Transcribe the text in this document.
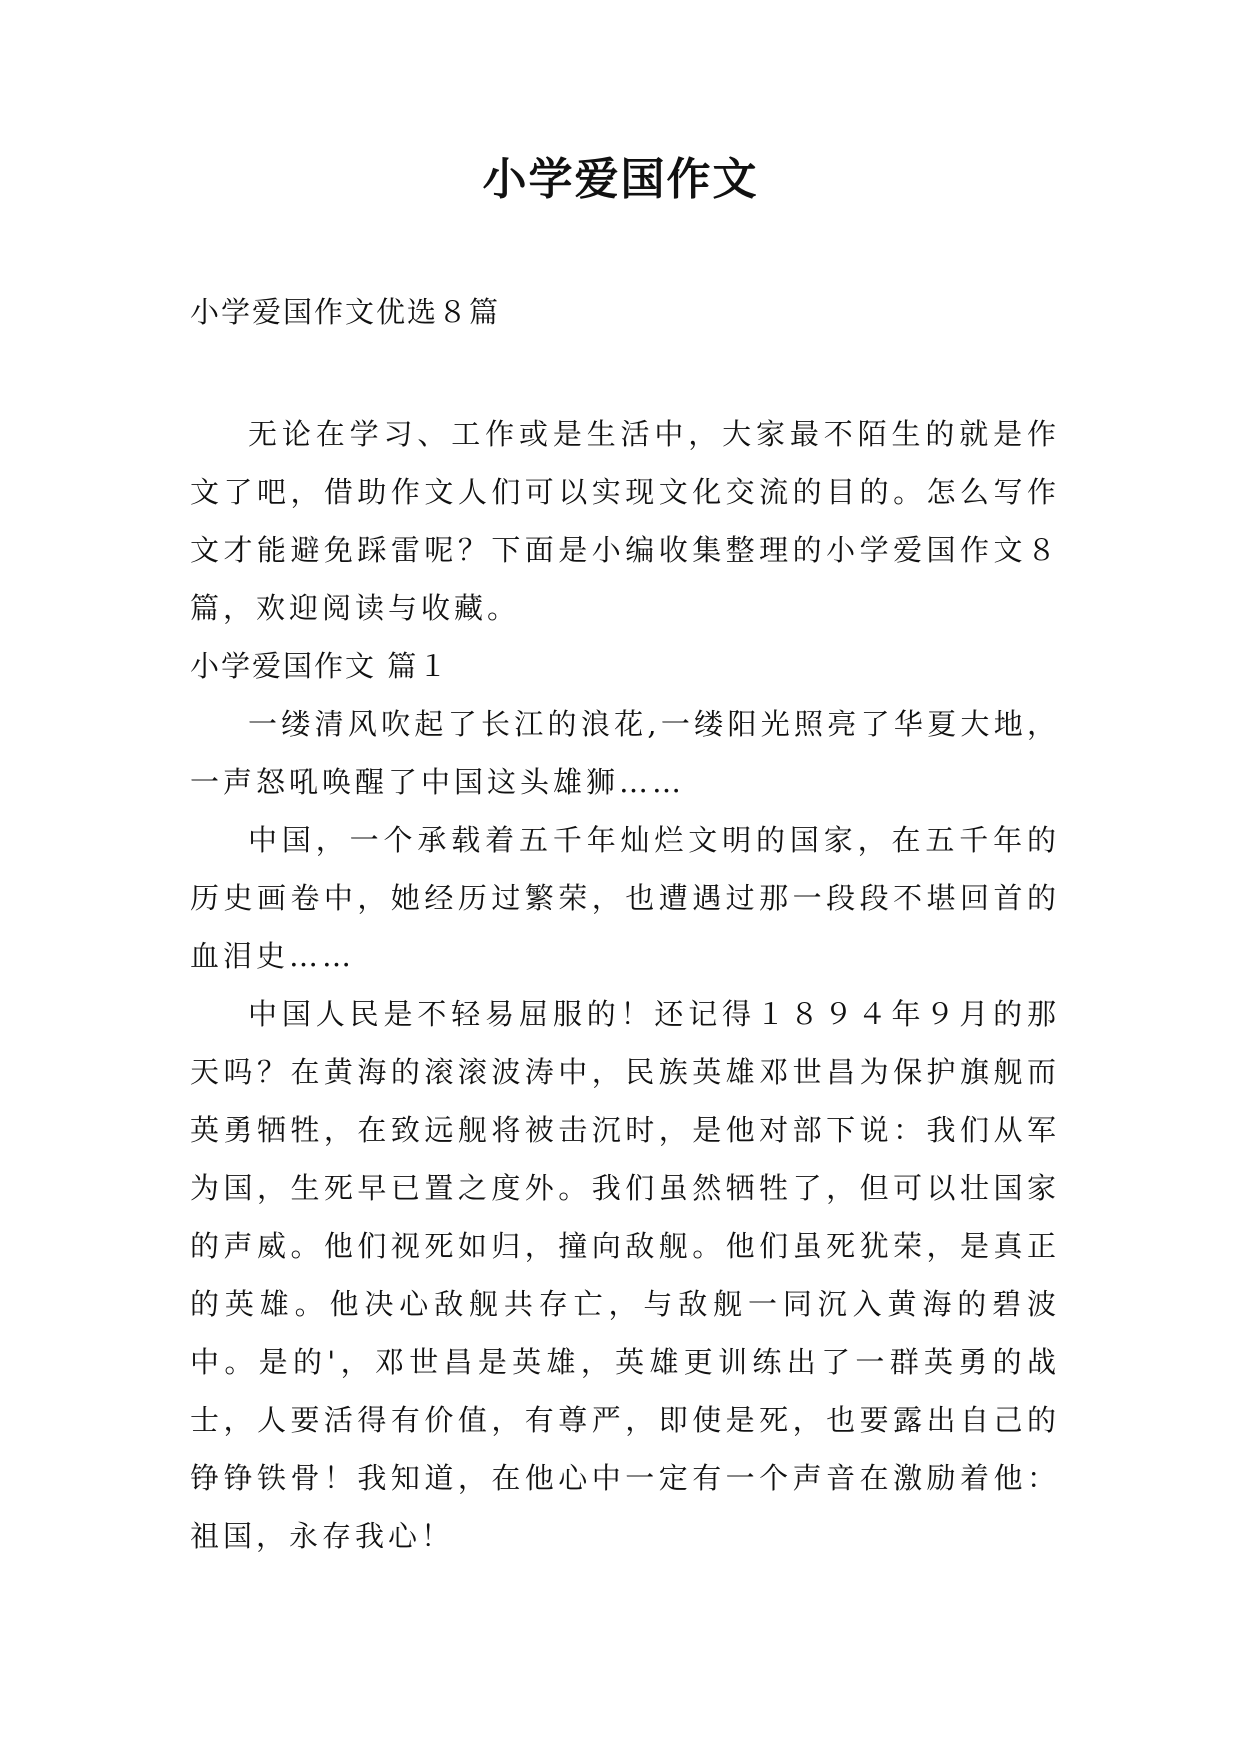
小学爱国作文
小学爱国作文优选８篇

无论在学习、工作或是生活中，大家最不陌生的就是作文了吧，借助作文人们可以实现文化交流的目的。怎么写作文才能避免踩雷呢？下面是小编收集整理的小学爱国作文８篇，欢迎阅读与收藏。

小学爱国作文 篇１

一缕清风吹起了长江的浪花,一缕阳光照亮了华夏大地，一声怒吼唤醒了中国这头雄狮……

中国，一个承载着五千年灿烂文明的国家，在五千年的历史画卷中，她经历过繁荣，也遭遇过那一段段不堪回首的血泪史……

中国人民是不轻易屈服的！还记得１８９４年９月的那天吗？在黄海的滚滚波涛中，民族英雄邓世昌为保护旗舰而英勇牺牲，在致远舰将被击沉时，是他对部下说：我们从军为国，生死早已置之度外。我们虽然牺牲了，但可以壮国家的声威。他们视死如归，撞向敌舰。他们虽死犹荣，是真正的英雄。他决心敌舰共存亡，与敌舰一同沉入黄海的碧波中。是的'，邓世昌是英雄，英雄更训练出了一群英勇的战士，人要活得有价值，有尊严，即使是死，也要露出自己的铮铮铁骨！我知道，在他心中一定有一个声音在激励着他：祖国，永存我心！
